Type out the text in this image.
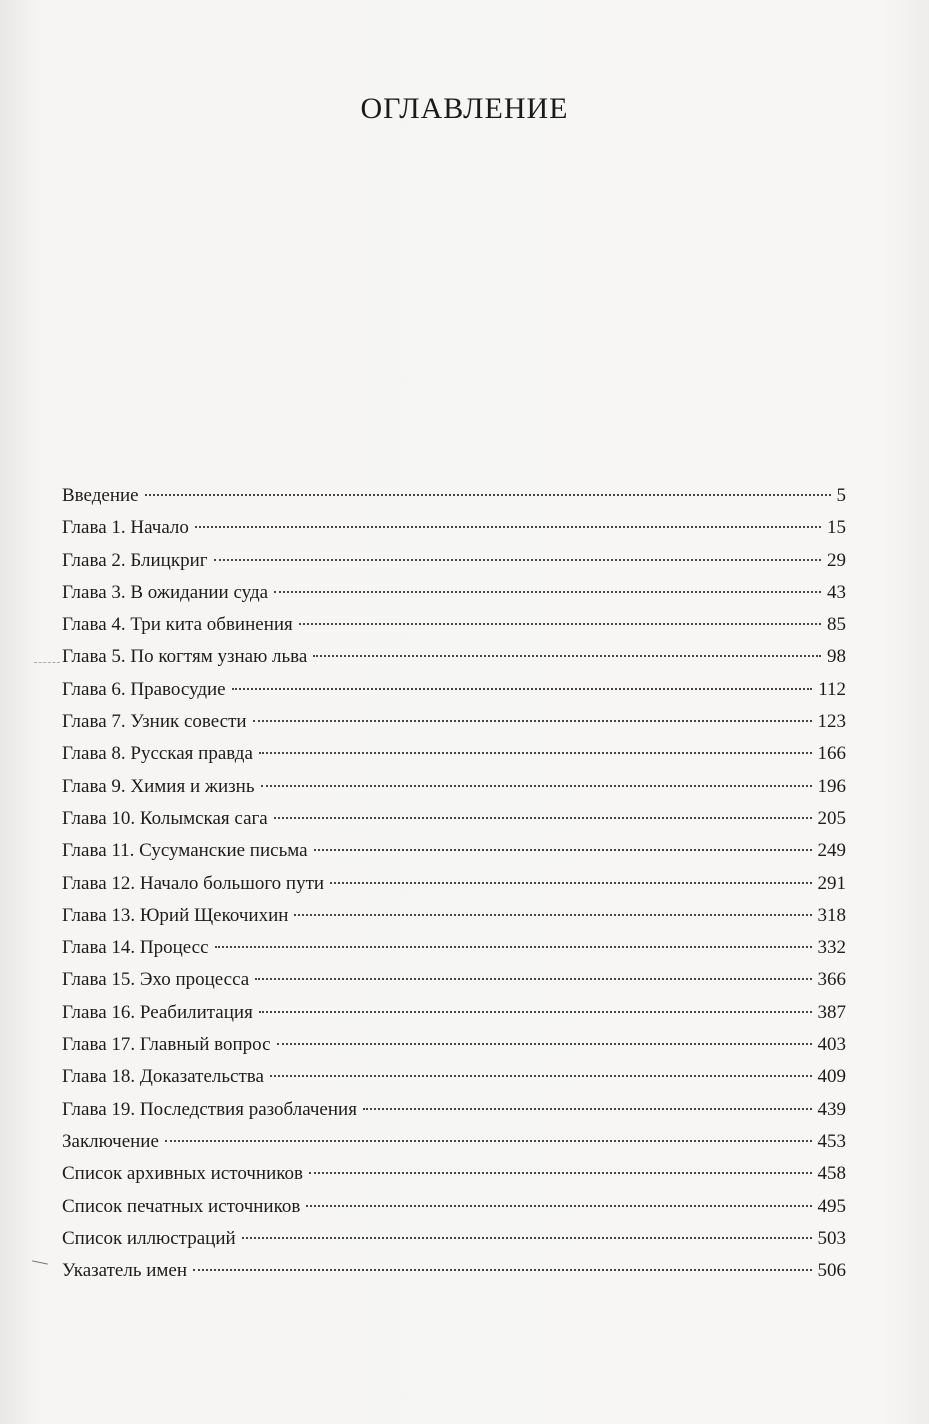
ОГЛАВЛЕНИЕ
Введение	5
Глава 1. Начало	15
Глава 2. Блицкриг	29
Глава 3. В ожидании суда	43
Глава 4. Три кита обвинения	85
Глава 5. По когтям узнаю льва	98
Глава 6. Правосудие	112
Глава 7. Узник совести	123
Глава 8. Русская правда	166
Глава 9. Химия и жизнь	196
Глава 10. Колымская сага	205
Глава 11. Сусуманские письма	249
Глава 12. Начало большого пути	291
Глава 13. Юрий Щекочихин	318
Глава 14. Процесс	332
Глава 15. Эхо процесса	366
Глава 16. Реабилитация	387
Глава 17. Главный вопрос	403
Глава 18. Доказательства	409
Глава 19. Последствия разоблачения	439
Заключение	453
Список архивных источников	458
Список печатных источников	495
Список иллюстраций	503
Указатель имен	506
